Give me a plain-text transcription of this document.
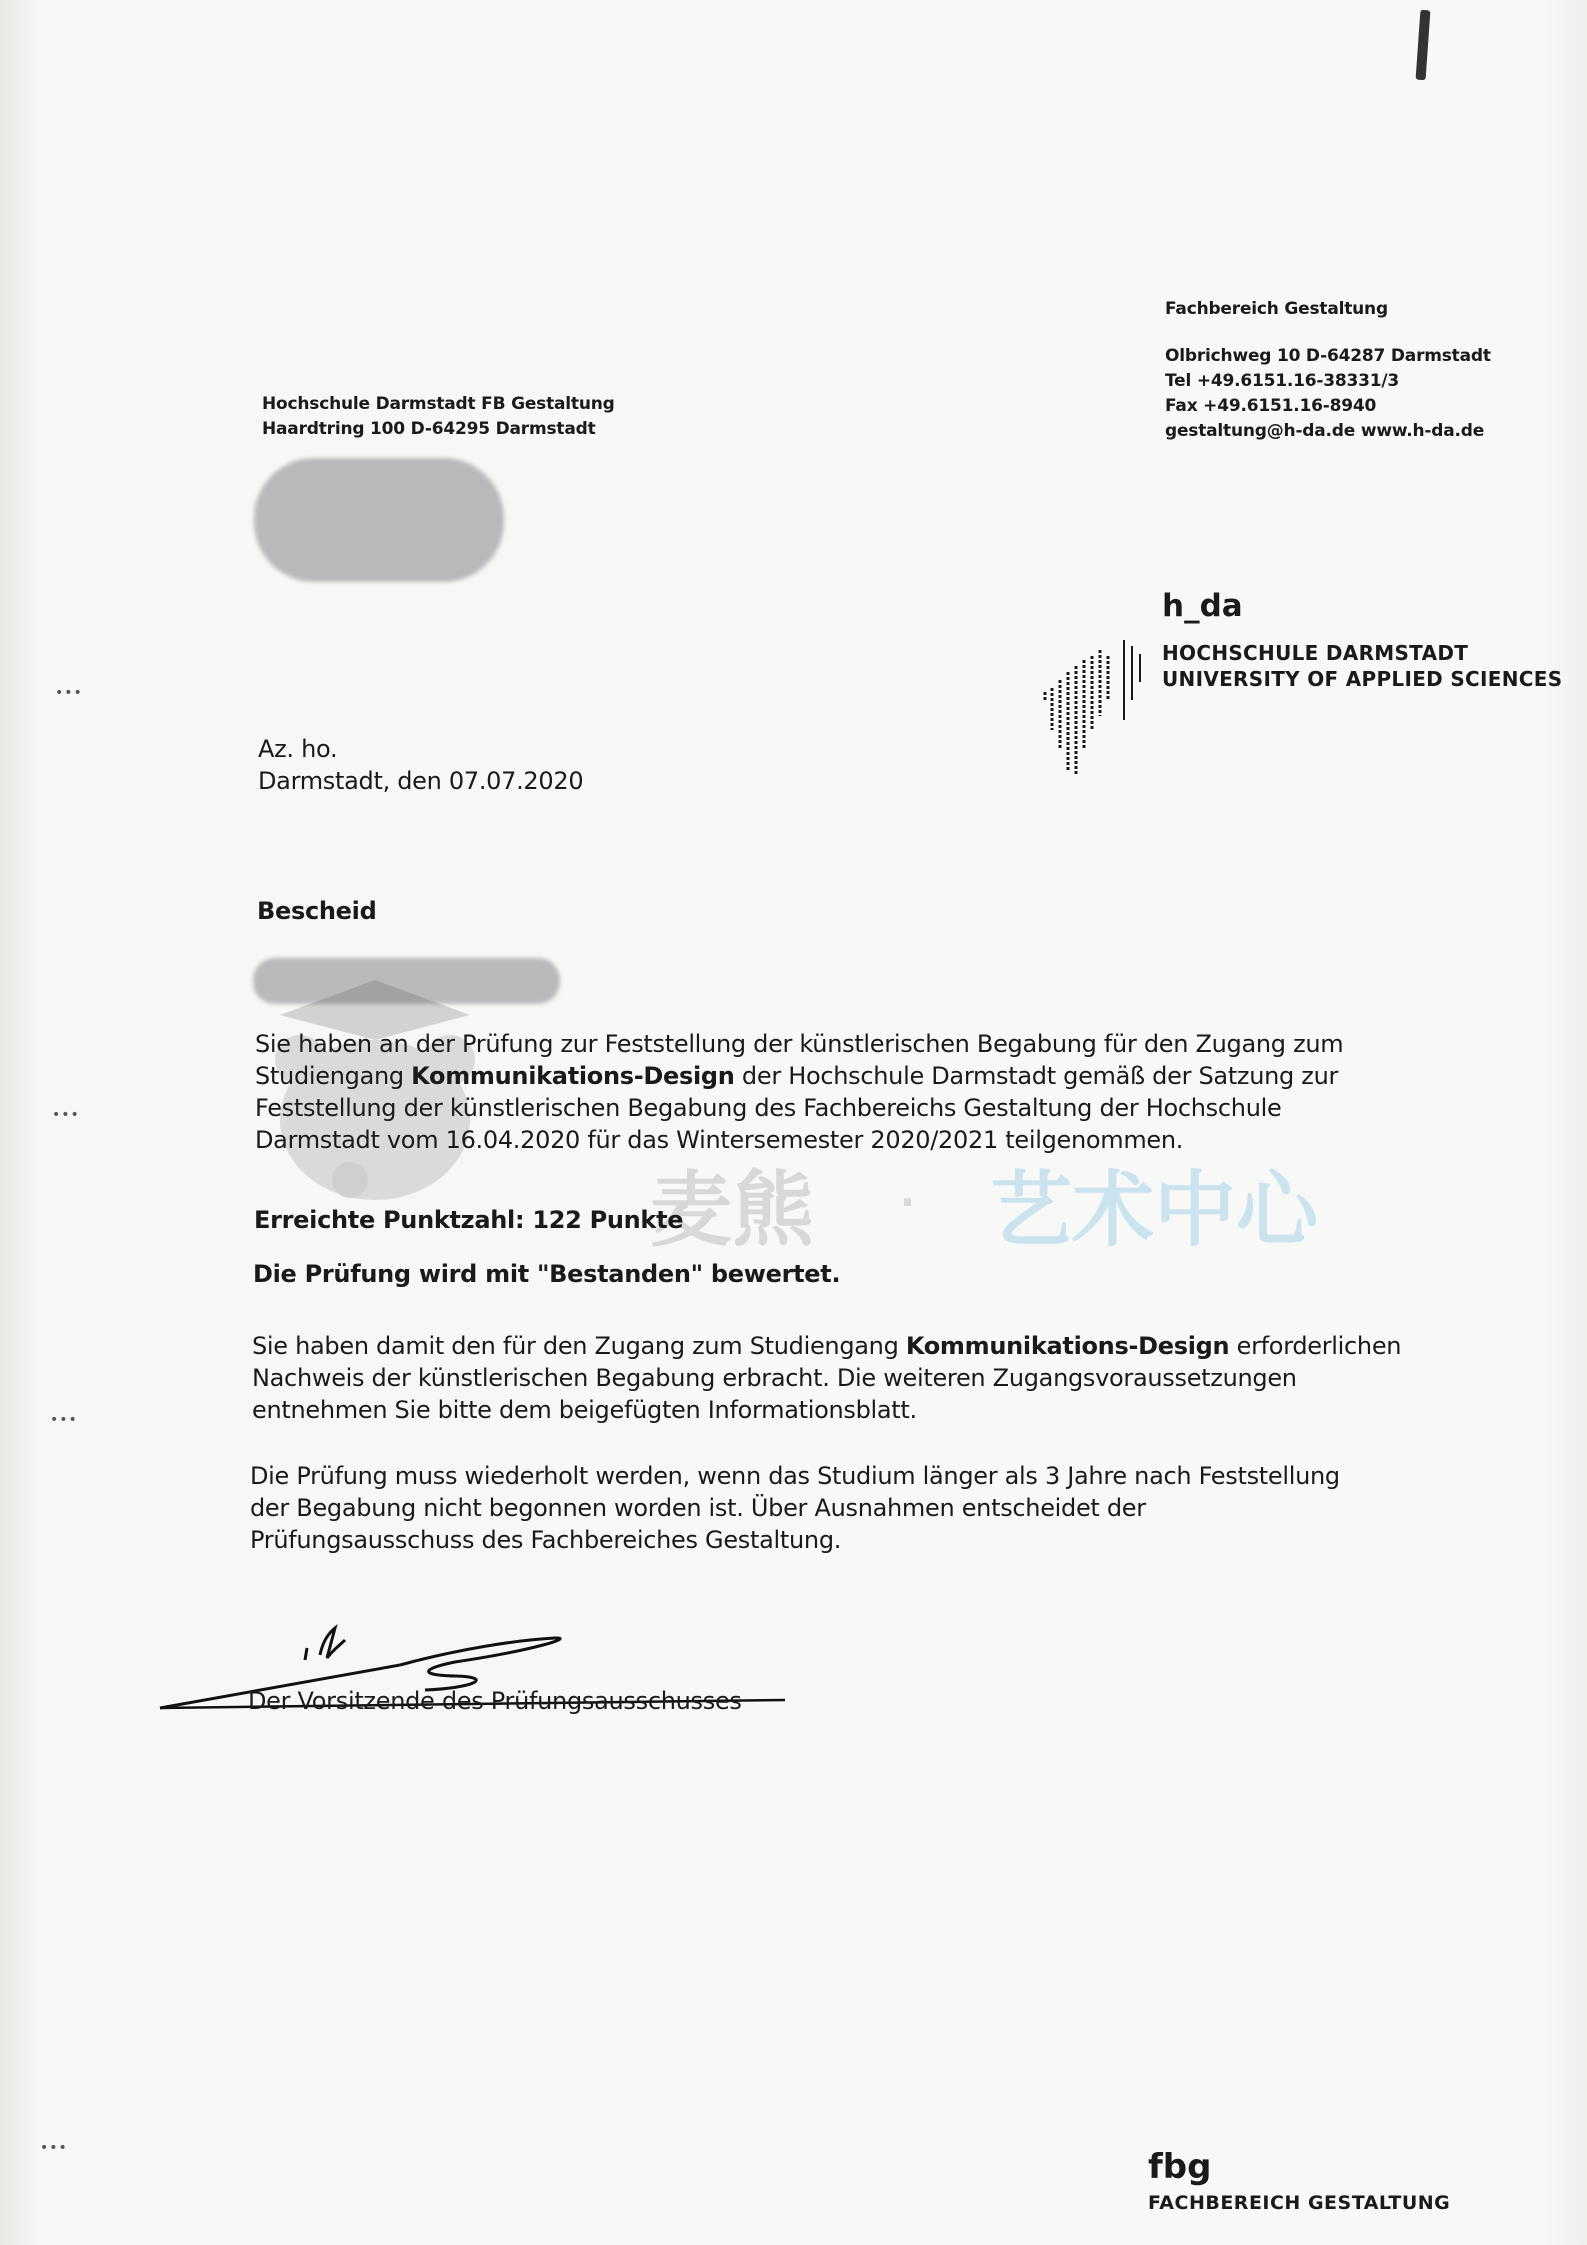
•••
•••
•••
•••
Hochschule Darmstadt FB Gestaltung
Haardtring 100 D-64295 Darmstadt
Fachbereich Gestaltung
Olbrichweg 10 D-64287 Darmstadt
Tel +49.6151.16-38331/3
Fax +49.6151.16-8940
gestaltung@h-da.de www.h-da.de
h_da
HOCHSCHULE DARMSTADT
UNIVERSITY OF APPLIED SCIENCES
Az. ho.
Darmstadt, den 07.07.2020
Bescheid
麦熊 · 艺术中心
Sie haben an der Prüfung zur Feststellung der künstlerischen Begabung für den Zugang zum
Studiengang Kommunikations-Design der Hochschule Darmstadt gemäß der Satzung zur
Feststellung der künstlerischen Begabung des Fachbereichs Gestaltung der Hochschule
Darmstadt vom 16.04.2020 für das Wintersemester 2020/2021 teilgenommen.
Erreichte Punktzahl: 122 Punkte
Die Prüfung wird mit "Bestanden" bewertet.
Sie haben damit den für den Zugang zum Studiengang Kommunikations-Design erforderlichen
Nachweis der künstlerischen Begabung erbracht. Die weiteren Zugangsvoraussetzungen
entnehmen Sie bitte dem beigefügten Informationsblatt.
Die Prüfung muss wiederholt werden, wenn das Studium länger als 3 Jahre nach Feststellung
der Begabung nicht begonnen worden ist. Über Ausnahmen entscheidet der
Prüfungsausschuss des Fachbereiches Gestaltung.
Der Vorsitzende des Prüfungsausschusses
fbg
FACHBEREICH GESTALTUNG
